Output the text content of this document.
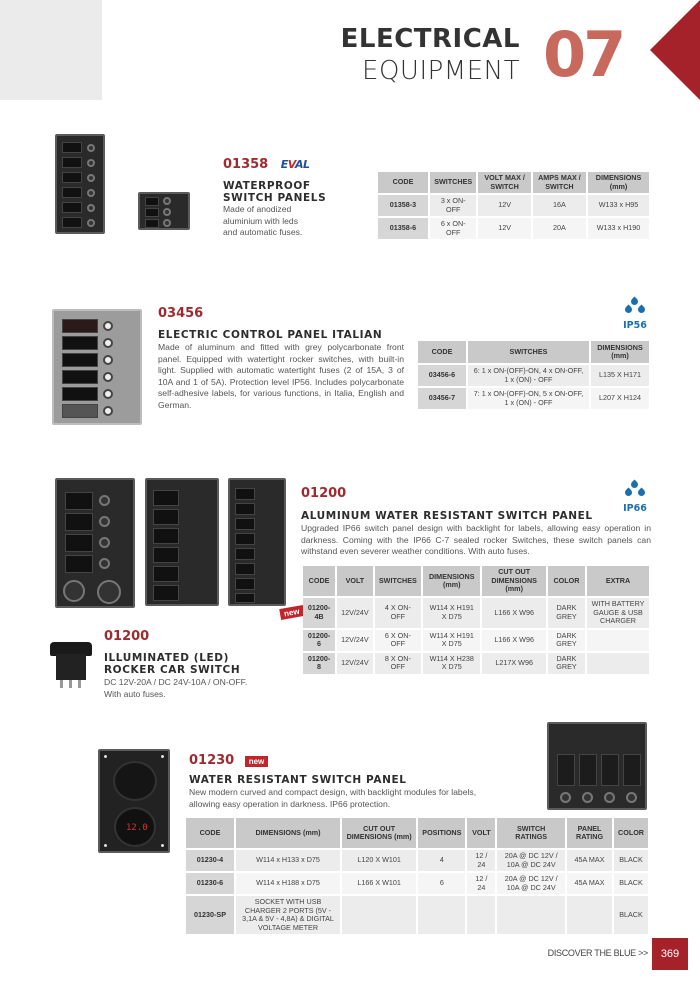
ELECTRICAL
EQUIPMENT 07
01358 EVAL
WATERPROOF
SWITCH PANELS
Made of anodized
aluminium with leds
and automatic fuses.
CODE	SWITCHES	VOLT MAX / SWITCH	AMPS MAX / SWITCH	DIMENSIONS (mm)
01358-3	3 x ON-OFF	12V	16A	W133 x H95
01358-6	6 x ON-OFF	12V	20A	W133 x H190
03456
ELECTRIC CONTROL PANEL ITALIAN
Made of aluminum and fitted with grey polycarbonate front panel. Equipped with watertight rocker switches, with built-in light. Supplied with automatic watertight fuses (2 of 15A, 3 of 10A and 1 of 5A). Protection level IP56. Includes polycarbonate self-adhesive labels, for various functions, in Italia, English and German.
IP56
CODE	SWITCHES	DIMENSIONS (mm)
03456-6	6: 1 x ON-(OFF)-ON, 4 x ON-OFF, 1 x (ON) - OFF	L135 X H171
03456-7	7: 1 x ON-(OFF)-ON, 5 x ON-OFF, 1 x (ON) - OFF	L207 X H124
new
01200
ALUMINUM WATER RESISTANT SWITCH PANEL
Upgraded IP66 switch panel design with backlight for labels, allowing easy operation in darkness. Coming with the IP66 C-7 sealed rocker Switches, these switch panels can withstand even severer weather conditions. With auto fuses.
IP66
CODE	VOLT	SWITCHES	DIMENSIONS (mm)	CUT OUT DIMENSIONS (mm)	COLOR	EXTRA
01200-4B	12V/24V	4 X ON-OFF	W114 X H191 X D75	L166 X W96	DARK GREY	WITH BATTERY GAUGE & USB CHARGER
01200-6	12V/24V	6 X ON-OFF	W114 X H191 X D75	L166 X W96	DARK GREY	
01200-8	12V/24V	8 X ON-OFF	W114 X H238 X D75	L217X W96	DARK GREY	
01200
ILLUMINATED (LED)
ROCKER CAR SWITCH
DC 12V-20A / DC 24V-10A / ON-OFF.
With auto fuses.
12.0
01230 new
WATER RESISTANT SWITCH PANEL
New modern curved and compact design, with backlight modules for labels,
allowing easy operation in darkness. IP66 protection.
CODE	DIMENSIONS (mm)	CUT OUT DIMENSIONS (mm)	POSITIONS	VOLT	SWITCH RATINGS	PANEL RATING	COLOR
01230-4	W114 x H133 x D75	L120 X W101	4	12 / 24	20A @ DC 12V / 10A @ DC 24V	45A MAX	BLACK
01230-6	W114 x H188 x D75	L166 X W101	6	12 / 24	20A @ DC 12V / 10A @ DC 24V	45A MAX	BLACK
01230-SP	SOCKET WITH USB CHARGER 2 PORTS (5V - 3,1A & 5V - 4,8A) & DIGITAL VOLTAGE METER						BLACK
DISCOVER THE BLUE >>	369
